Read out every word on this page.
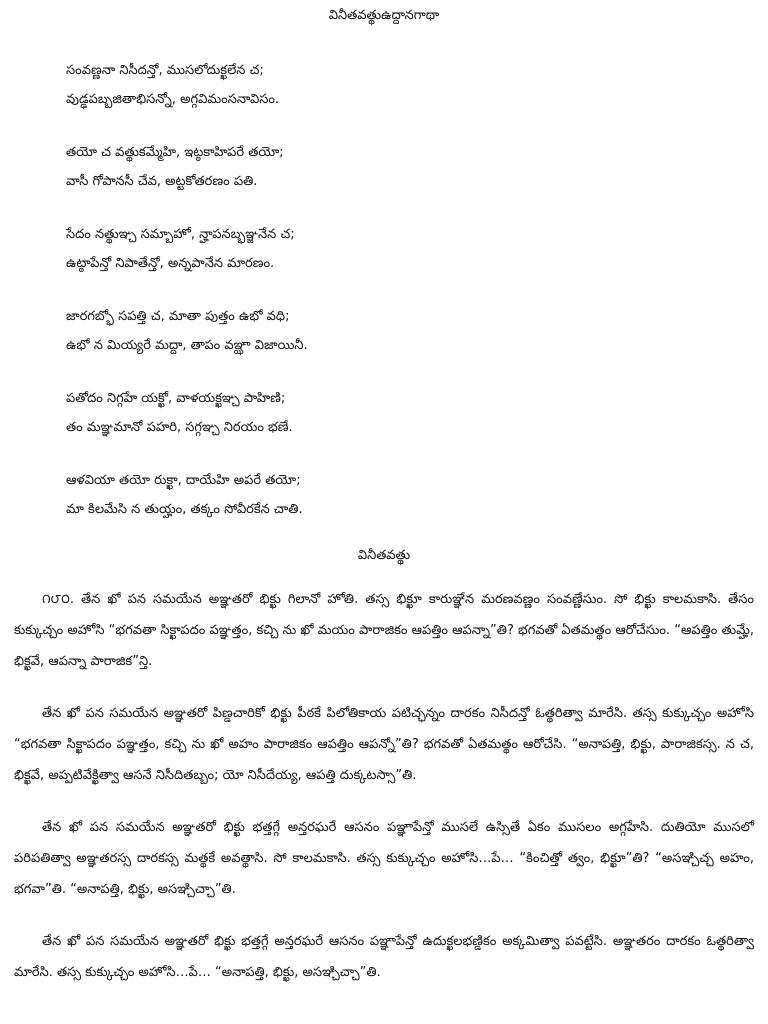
వినీతవత్థుఉద్దానగాథా
సంవణ్ణనా నిసీదన్తో, ముసలోదుక్ఖలేన చ;
వుడ్ఢపబ్బజితాభిసన్నో, అగ్గవిమంసనావిసం.
తయో చ వత్థుకమ్మేహి, ఇట్ఠకాహిపరే తయో;
వాసీ గోపానసీ చేవ, అట్టకోతరణం పతి.
సేదం నత్థుఞ్చ సమ్బాహో, న్హాపనబ్భఞ్జనేన చ;
ఉట్ఠాపేన్తో నిపాతేన్తో, అన్నపానేన మారణం.
జారగబ్భో సపత్తి చ, మాతా పుత్తం ఉభో వధి;
ఉభో న మియ్యరే మద్దా, తాపం వఞ్ఝా విజాయినీ.
పతోదం నిగ్గహే యక్ఖో, వాళయక్ఖఞ్చ పాహిణి;
తం మఞ్ఞమానో పహరి, సగ్గఞ్చ నిరయం భణే.
ఆళవియా తయో రుక్ఖా, దాయేహి అపరే తయో;
మా కిలమేసి న తుయ్హం, తక్కం సోవీరకేన చాతి.
వినీతవత్థు

౧౮౦. తేన ఖో పన సమయేన అఞ్ఞతరో భిక్ఖు గిలానో హోతి. తస్స భిక్ఖూ కారుఞ్ఞేన మరణవణ్ణం సంవణ్ణేసుం. సో భిక్ఖు కాలమకాసి. తేసం కుక్కుచ్చం అహోసి “భగవతా సిక్ఖాపదం పఞ్ఞత్తం, కచ్చి ను ఖో మయం పారాజికం ఆపత్తిం ఆపన్నా”తి? భగవతో ఏతమత్థం ఆరోచేసుం. “ఆపత్తిం తుమ్హే, భిక్ఖవే, ఆపన్నా పారాజిక”న్తి.

తేన ఖో పన సమయేన అఞ్ఞతరో పిణ్డచారికో భిక్ఖు పీఠకే పిలోతికాయ పటిచ్ఛన్నం దారకం నిసీదన్తో ఓత్థరిత్వా మారేసి. తస్స కుక్కుచ్చం అహోసి “భగవతా సిక్ఖాపదం పఞ్ఞత్తం, కచ్చి ను ఖో అహం పారాజికం ఆపత్తిం ఆపన్నో”తి? భగవతో ఏతమత్థం ఆరోచేసి. “అనాపత్తి, భిక్ఖు, పారాజికస్స. న చ, భిక్ఖవే, అప్పటివేక్ఖిత్వా ఆసనే నిసీదితబ్బం; యో నిసీదేయ్య, ఆపత్తి దుక్కటస్సా”తి.

తేన ఖో పన సమయేన అఞ్ఞతరో భిక్ఖు భత్తగ్గే అన్తరఘరే ఆసనం పఞ్ఞాపేన్తో ముసలే ఉస్సితే ఏకం ముసలం అగ్గహేసి. దుతియో ముసలో పరిపతిత్వా అఞ్ఞతరస్స దారకస్స మత్థకే అవత్థాసి. సో కాలమకాసి. తస్స కుక్కుచ్చం అహోసి…పే… “కించిత్తో త్వం, భిక్ఖూ”తి? “అసఞ్చిచ్చ అహం, భగవా”తి. “అనాపత్తి, భిక్ఖు, అసఞ్చిచ్చా”తి.

తేన ఖో పన సమయేన అఞ్ఞతరో భిక్ఖు భత్తగ్గే అన్తరఘరే ఆసనం పఞ్ఞాపేన్తో ఉదుక్ఖలభణ్డికం అక్కమిత్వా పవట్టేసి. అఞ్ఞతరం దారకం ఓత్థరిత్వా మారేసి. తస్స కుక్కుచ్చం అహోసి…పే… “అనాపత్తి, భిక్ఖు, అసఞ్చిచ్చా”తి.
